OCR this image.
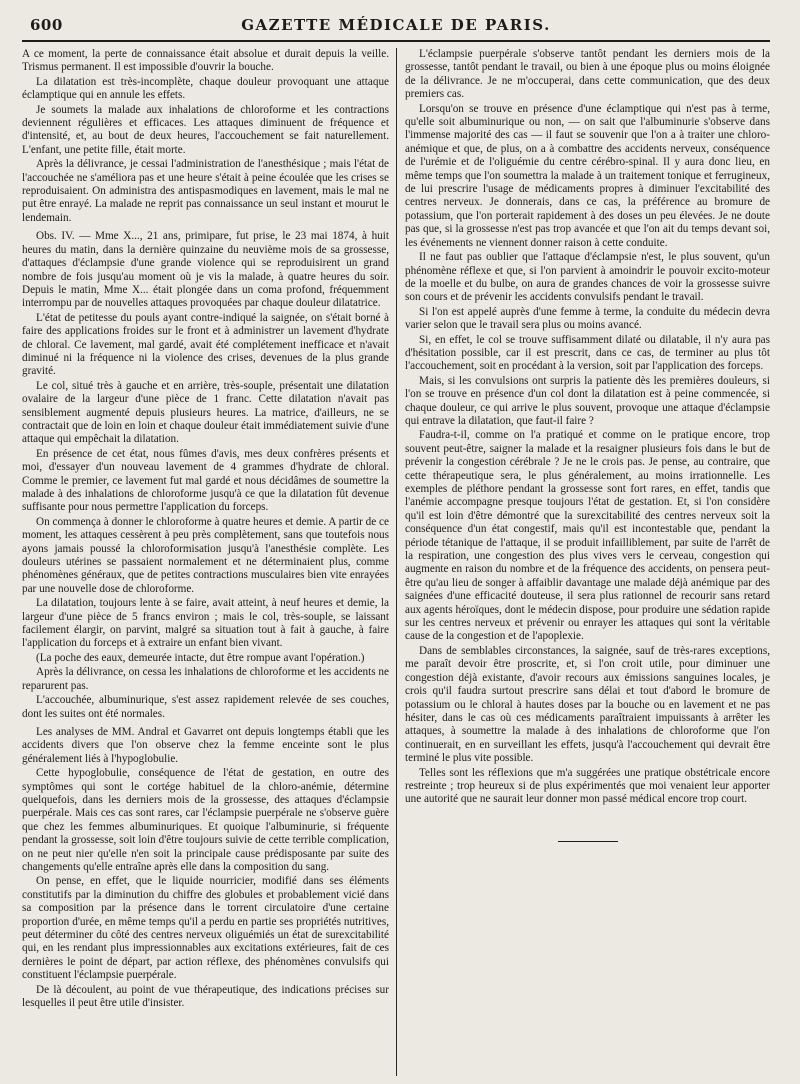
600	GAZETTE MÉDICALE DE PARIS.

A ce moment, la perte de connaissance était absolue et durait depuis la veille. Trismus permanent. Il est impossible d'ouvrir la bouche.

La dilatation est très-incomplète, chaque douleur provoquant une attaque éclamptique qui en annule les effets.

Je soumets la malade aux inhalations de chloroforme et les contractions deviennent régulières et efficaces. Les attaques diminuent de fréquence et d'intensité, et, au bout de deux heures, l'accouchement se fait naturellement. L'enfant, une petite fille, était morte.

Après la délivrance, je cessai l'administration de l'anesthésique ; mais l'état de l'accouchée ne s'améliora pas et une heure s'était à peine écoulée que les crises se reproduisaient. On administra des antispasmodiques en lavement, mais le mal ne put être enrayé. La malade ne reprit pas connaissance un seul instant et mourut le lendemain.

Obs. IV. — Mme X..., 21 ans, primipare, fut prise, le 23 mai 1874, à huit heures du matin, dans la dernière quinzaine du neuvième mois de sa grossesse, d'attaques d'éclampsie d'une grande violence qui se reproduisirent un grand nombre de fois jusqu'au moment où je vis la malade, à quatre heures du soir. Depuis le matin, Mme X... était plongée dans un coma profond, fréquemment interrompu par de nouvelles attaques provoquées par chaque douleur dilatatrice.

L'état de petitesse du pouls ayant contre-indiqué la saignée, on s'était borné à faire des applications froides sur le front et à administrer un lavement d'hydrate de chloral. Ce lavement, mal gardé, avait été complétement inefficace et n'avait diminué ni la fréquence ni la violence des crises, devenues de la plus grande gravité.

Le col, situé très à gauche et en arrière, très-souple, présentait une dilatation ovalaire de la largeur d'une pièce de 1 franc. Cette dilatation n'avait pas sensiblement augmenté depuis plusieurs heures. La matrice, d'ailleurs, ne se contractait que de loin en loin et chaque douleur était immédiatement suivie d'une attaque qui empêchait la dilatation.

En présence de cet état, nous fûmes d'avis, mes deux confrères présents et moi, d'essayer d'un nouveau lavement de 4 grammes d'hydrate de chloral. Comme le premier, ce lavement fut mal gardé et nous décidâmes de soumettre la malade à des inhalations de chloroforme jusqu'à ce que la dilatation fût devenue suffisante pour nous permettre l'application du forceps.

On commença à donner le chloroforme à quatre heures et demie. A partir de ce moment, les attaques cessèrent à peu près complètement, sans que toutefois nous ayons jamais poussé la chloroformisation jusqu'à l'anesthésie complète. Les douleurs utérines se passaient normalement et ne déterminaient plus, comme phénomènes généraux, que de petites contractions musculaires bien vite enrayées par une nouvelle dose de chloroforme.

La dilatation, toujours lente à se faire, avait atteint, à neuf heures et demie, la largeur d'une pièce de 5 francs environ ; mais le col, très-souple, se laissant facilement élargir, on parvint, malgré sa situation tout à fait à gauche, à faire l'application du forceps et à extraire un enfant bien vivant.

(La poche des eaux, demeurée intacte, dut être rompue avant l'opération.)

Après la délivrance, on cessa les inhalations de chloroforme et les accidents ne reparurent pas.

L'accouchée, albuminurique, s'est assez rapidement relevée de ses couches, dont les suites ont été normales.

Les analyses de MM. Andral et Gavarret ont depuis longtemps établi que les accidents divers que l'on observe chez la femme enceinte sont le plus généralement liés à l'hypoglobulie.

Cette hypoglobulie, conséquence de l'état de gestation, en outre des symptômes qui sont le cortége habituel de la chloro-anémie, détermine quelquefois, dans les derniers mois de la grossesse, des attaques d'éclampsie puerpérale. Mais ces cas sont rares, car l'éclampsie puerpérale ne s'observe guère que chez les femmes albuminuriques. Et quoique l'albuminurie, si fréquente pendant la grossesse, soit loin d'être toujours suivie de cette terrible complication, on ne peut nier qu'elle n'en soit la principale cause prédisposante par suite des changements qu'elle entraîne après elle dans la composition du sang.

On pense, en effet, que le liquide nourricier, modifié dans ses éléments constitutifs par la diminution du chiffre des globules et probablement vicié dans sa composition par la présence dans le torrent circulatoire d'une certaine proportion d'urée, en même temps qu'il a perdu en partie ses propriétés nutritives, peut déterminer du côté des centres nerveux oliguémiés un état de surexcitabilité qui, en les rendant plus impressionnables aux excitations extérieures, fait de ces dernières le point de départ, par action réflexe, des phénomènes convulsifs qui constituent l'éclampsie puerpérale.

De là découlent, au point de vue thérapeutique, des indications précises sur lesquelles il peut être utile d'insister.

L'éclampsie puerpérale s'observe tantôt pendant les derniers mois de la grossesse, tantôt pendant le travail, ou bien à une époque plus ou moins éloignée de la délivrance. Je ne m'occuperai, dans cette communication, que des deux premiers cas.

Lorsqu'on se trouve en présence d'une éclamptique qui n'est pas à terme, qu'elle soit albuminurique ou non, — on sait que l'albuminurie s'observe dans l'immense majorité des cas — il faut se souvenir que l'on a à traiter une chloro-anémique et que, de plus, on a à combattre des accidents nerveux, conséquence de l'urémie et de l'oliguémie du centre cérébro-spinal. Il y aura donc lieu, en même temps que l'on soumettra la malade à un traitement tonique et ferrugineux, de lui prescrire l'usage de médicaments propres à diminuer l'excitabilité des centres nerveux. Je donnerais, dans ce cas, la préférence au bromure de potassium, que l'on porterait rapidement à des doses un peu élevées. Je ne doute pas que, si la grossesse n'est pas trop avancée et que l'on ait du temps devant soi, les événements ne viennent donner raison à cette conduite.

Il ne faut pas oublier que l'attaque d'éclampsie n'est, le plus souvent, qu'un phénomène réflexe et que, si l'on parvient à amoindrir le pouvoir excito-moteur de la moelle et du bulbe, on aura de grandes chances de voir la grossesse suivre son cours et de prévenir les accidents convulsifs pendant le travail.

Si l'on est appelé auprès d'une femme à terme, la conduite du médecin devra varier selon que le travail sera plus ou moins avancé.

Si, en effet, le col se trouve suffisamment dilaté ou dilatable, il n'y aura pas d'hésitation possible, car il est prescrit, dans ce cas, de terminer au plus tôt l'accouchement, soit en procédant à la version, soit par l'application des forceps.

Mais, si les convulsions ont surpris la patiente dès les premières douleurs, si l'on se trouve en présence d'un col dont la dilatation est à peine commencée, si chaque douleur, ce qui arrive le plus souvent, provoque une attaque d'éclampsie qui entrave la dilatation, que faut-il faire ?

Faudra-t-il, comme on l'a pratiqué et comme on le pratique encore, trop souvent peut-être, saigner la malade et la resaigner plusieurs fois dans le but de prévenir la congestion cérébrale ? Je ne le crois pas. Je pense, au contraire, que cette thérapeutique sera, le plus généralement, au moins irrationnelle. Les exemples de pléthore pendant la grossesse sont fort rares, en effet, tandis que l'anémie accompagne presque toujours l'état de gestation. Et, si l'on considère qu'il est loin d'être démontré que la surexcitabilité des centres nerveux soit la conséquence d'un état congestif, mais qu'il est incontestable que, pendant la période tétanique de l'attaque, il se produit infailliblement, par suite de l'arrêt de la respiration, une congestion des plus vives vers le cerveau, congestion qui augmente en raison du nombre et de la fréquence des accidents, on pensera peut-être qu'au lieu de songer à affaiblir davantage une malade déjà anémique par des saignées d'une efficacité douteuse, il sera plus rationnel de recourir sans retard aux agents héroïques, dont le médecin dispose, pour produire une sédation rapide sur les centres nerveux et prévenir ou enrayer les attaques qui sont la véritable cause de la congestion et de l'apoplexie.

Dans de semblables circonstances, la saignée, sauf de très-rares exceptions, me paraît devoir être proscrite, et, si l'on croit utile, pour diminuer une congestion déjà existante, d'avoir recours aux émissions sanguines locales, je crois qu'il faudra surtout prescrire sans délai et tout d'abord le bromure de potassium ou le chloral à hautes doses par la bouche ou en lavement et ne pas hésiter, dans le cas où ces médicaments paraîtraient impuissants à arrêter les attaques, à soumettre la malade à des inhalations de chloroforme que l'on continuerait, en en surveillant les effets, jusqu'à l'accouchement qui devrait être terminé le plus vite possible.

Telles sont les réflexions que m'a suggérées une pratique obstétricale encore restreinte ; trop heureux si de plus expérimentés que moi venaient leur apporter une autorité que ne saurait leur donner mon passé médical encore trop court.
